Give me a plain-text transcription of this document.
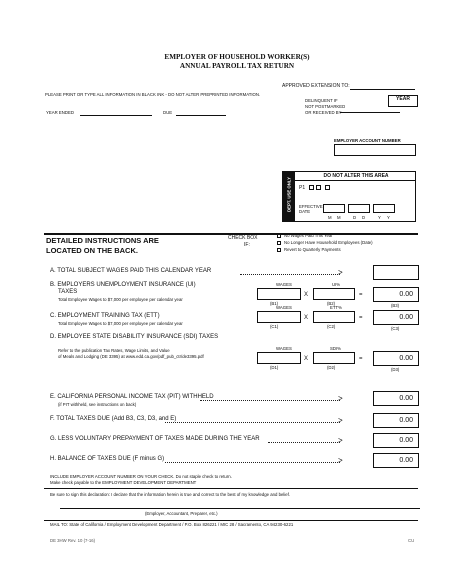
EMPLOYER OF HOUSEHOLD WORKER(S)
ANNUAL PAYROLL TAX RETURN
APPROVED EXTENSION TO:
PLEASE PRINT OR TYPE ALL INFORMATION IN BLACK INK - DO NOT ALTER PREPRINTED INFORMATION.
YEAR
DELINQUENT IF
NOT POSTMARKED
OR RECEIVED BY
YEAR ENDED	DUE
EMPLOYER ACCOUNT NUMBER
DO NOT ALTER THIS AREA
DEPT. USE ONLY P1
EFFECTIVE DATE
M M	D D	Y Y
DETAILED INSTRUCTIONS ARE
LOCATED ON THE BACK.
CHECK BOX
IF:
No Wages Paid This Year
No Longer Have Household Employees (Date)
Revert to Quarterly Payments
A. TOTAL SUBJECT WAGES PAID THIS CALENDAR YEAR	>
B. EMPLOYERS UNEMPLOYMENT INSURANCE (UI)
TAXES
Total Employee Wages to $7,000 per employee per calendar year
WAGES	UI%
X
(B1)	(B2)
=	0.00
(B3)
C. EMPLOYMENT TRAINING TAX (ETT)
Total Employee Wages to $7,000 per employee per calendar year
WAGES	ETT%
X
(C1)	(C2)
=	0.00
(C3)
D. EMPLOYEE STATE DISABILITY INSURANCE (SDI) TAXES
Refer to the publication Tax Rates, Wage Limits, and Value
of Meals and Lodging (DE 3395) at www.edd.ca.gov/pdf_pub_ctr/de3395.pdf
WAGES	SDI%
X
(D1)	(D2)
=	0.00
(D3)
E. CALIFORNIA PERSONAL INCOME TAX (PIT) WITHHELD
(if PIT withheld, see instructions on back)
>	0.00
F. TOTAL TAXES DUE (Add B3, C3, D3, and E)	>	0.00
G. LESS VOLUNTARY PREPAYMENT OF TAXES MADE DURING THE YEAR	>	0.00
H. BALANCE OF TAXES DUE (F minus G)	>	0.00
INCLUDE EMPLOYER ACCOUNT NUMBER ON YOUR CHECK. Do not staple check to return.
Make check payable to the EMPLOYMENT DEVELOPMENT DEPARTMENT
Be sure to sign this declaration: I declare that the information herein is true and correct to the best of my knowledge and belief.
(Employer, Accountant, Preparer, etc.)
MAIL TO: State of California / Employment Development Department / P.O. Box 826221 / MIC 28 / Sacramento, CA 94230-6221
DE 3HW Rev. 10 (7-16)	CU
